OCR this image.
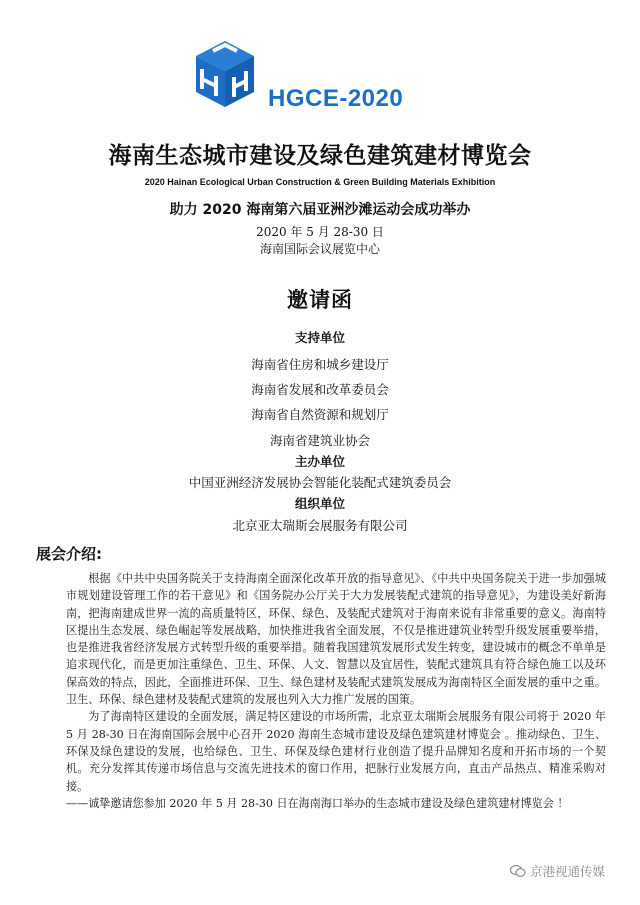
HGCE-2020
海南生态城市建设及绿色建筑建材博览会
2020 Hainan Ecological Urban Construction & Green Building Materials Exhibition
助力 2020 海南第六届亚洲沙滩运动会成功举办
2020 年 5 月 28-30 日
海南国际会议展览中心
邀请函
支持单位
海南省住房和城乡建设厅
海南省发展和改革委员会
海南省自然资源和规划厅
海南省建筑业协会
主办单位
中国亚洲经济发展协会智能化装配式建筑委员会
组织单位
北京亚太瑞斯会展服务有限公司
展会介绍:

根据《中共中央国务院关于支持海南全面深化改革开放的指导意见》、《中共中央国务院关于进一步加强城市规划建设管理工作的若干意见》和《国务院办公厅关于大力发展装配式建筑的指导意见》，为建设美好新海南，把海南建成世界一流的高质量特区，环保、绿色、及装配式建筑对于海南来说有非常重要的意义。海南特区提出生态发展、绿色崛起等发展战略，加快推进我省全面发展，不仅是推进建筑业转型升级发展重要举措，也是推进我省经济发展方式转型升级的重要举措。随着我国建筑发展形式发生转变，建设城市的概念不单单是追求现代化，而是更加注重绿色、卫生、环保、人文、智慧以及宜居性，装配式建筑具有符合绿色施工以及环保高效的特点，因此，全面推进环保、卫生、绿色建材及装配式建筑发展成为海南特区全面发展的重中之重。卫生、环保、绿色建材及装配式建筑的发展也列入大力推广发展的国策。

为了海南特区建设的全面发展，满足特区建设的市场所需，北京亚太瑞斯会展服务有限公司将于 2020 年 5 月 28-30 日在海南国际会展中心召开 2020 海南生态城市建设及绿色建筑建材博览会 。推动绿色、卫生、环保及绿色建设的发展，也给绿色、卫生、环保及绿色建材行业创造了提升品牌知名度和开拓市场的一个契机。充分发挥其传递市场信息与交流先进技术的窗口作用，把脉行业发展方向，直击产品热点、精准采购对接。

——诚挚邀请您参加 2020 年 5 月 28-30 日在海南海口举办的生态城市建设及绿色建筑建材博览会 ！

京港视通传媒
